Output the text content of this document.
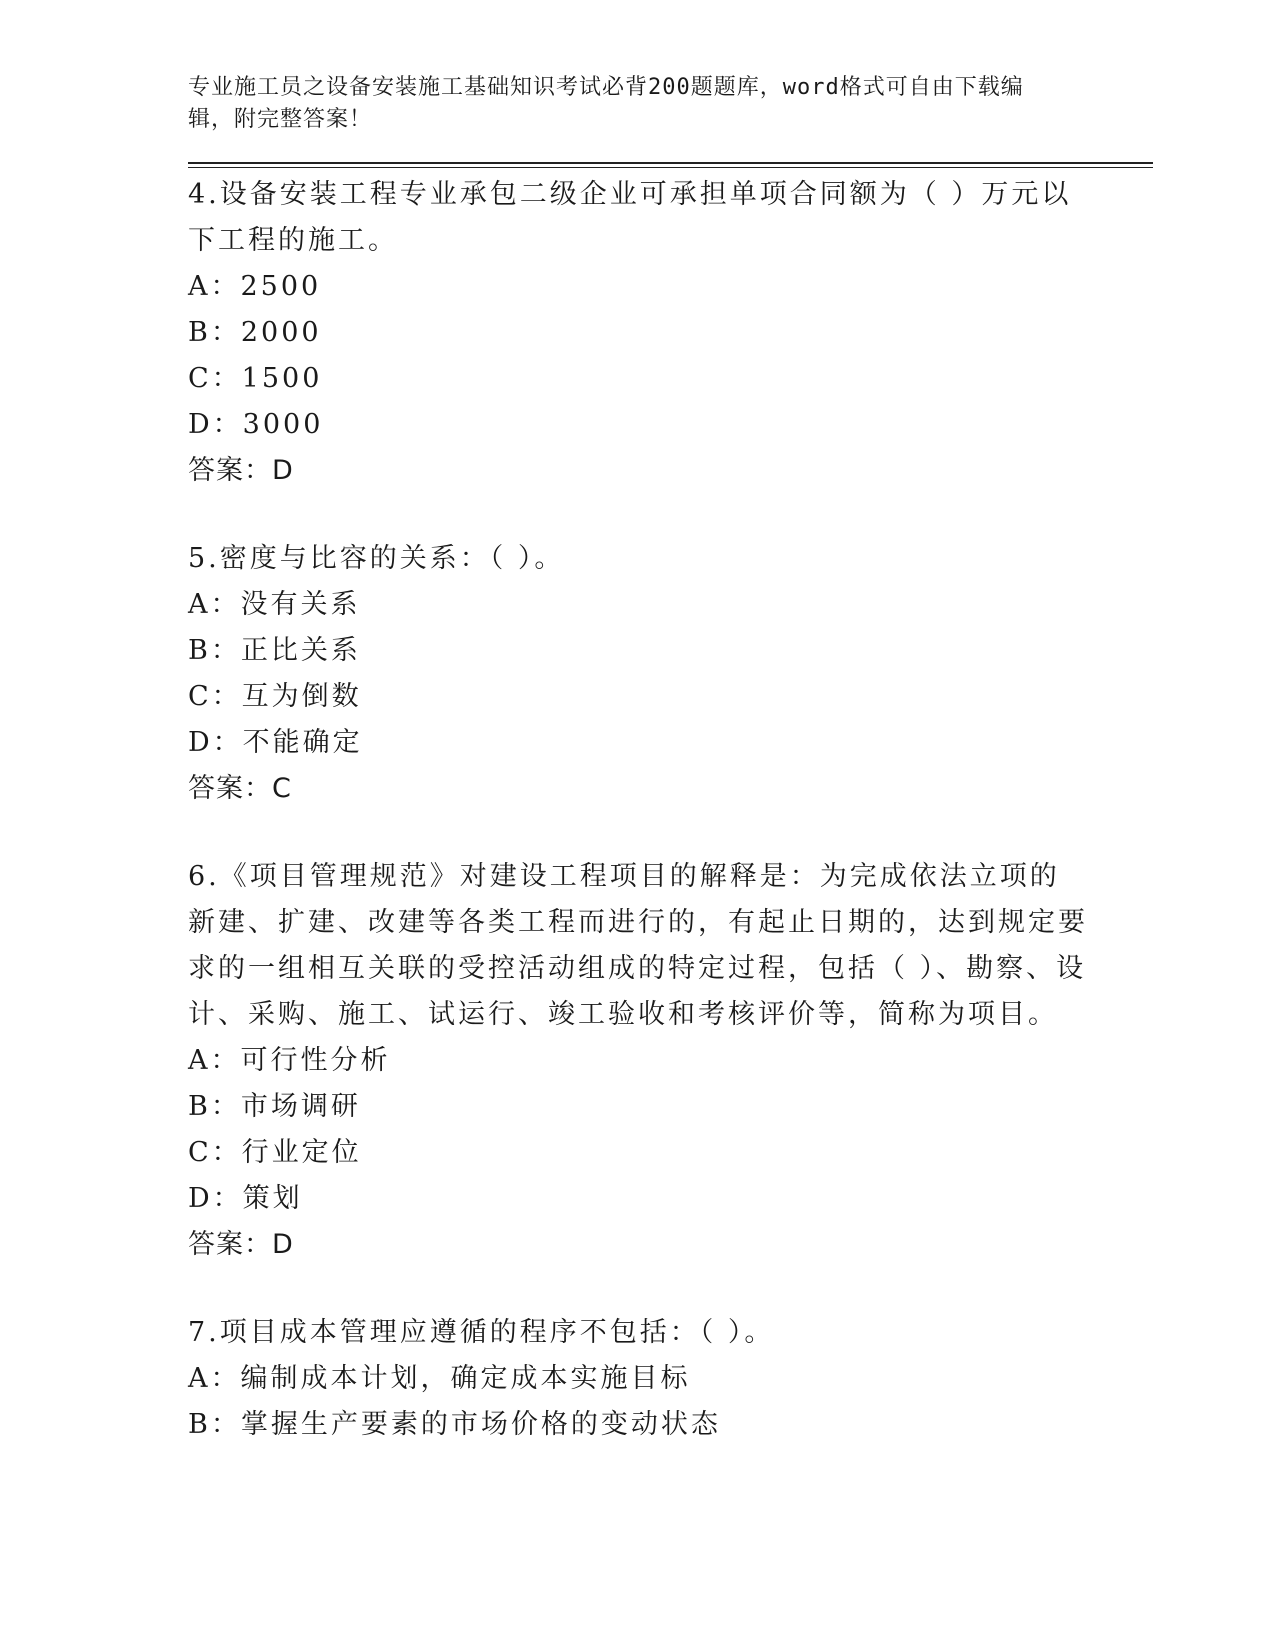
专业施工员之设备安装施工基础知识考试必背200题题库，word格式可自由下载编辑，附完整答案！
4.设备安装工程专业承包二级企业可承担单项合同额为（ ）万元以下工程的施工。
A：2500
B：2000
C：1500
D：3000
答案：D
5.密度与比容的关系：（ ）。
A：没有关系
B：正比关系
C：互为倒数
D：不能确定
答案：C
6.《项目管理规范》对建设工程项目的解释是：为完成依法立项的新建、扩建、改建等各类工程而进行的，有起止日期的，达到规定要求的一组相互关联的受控活动组成的特定过程，包括（ ）、勘察、设计、采购、施工、试运行、竣工验收和考核评价等，简称为项目。
A：可行性分析
B：市场调研
C：行业定位
D：策划
答案：D
7.项目成本管理应遵循的程序不包括：（ ）。
A：编制成本计划，确定成本实施目标
B：掌握生产要素的市场价格的变动状态
